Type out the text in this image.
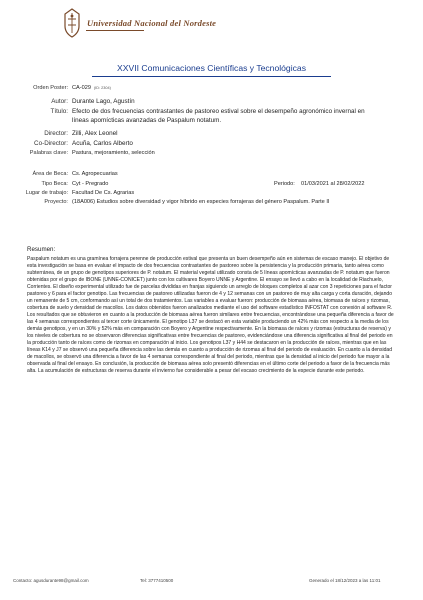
Universidad Nacional del Nordeste
XXVII Comunicaciones Científicas y Tecnológicas
Orden Poster: CA-029 (ID: 2304)
Autor: Durante Lago, Agustín
Título: Efecto de dos frecuencias contrastantes de pastoreo estival sobre el desempeño agronómico invernal en líneas apomícticas avanzadas de Paspalum notatum.
Director: Zilli, Alex Leonel
Co-Director: Acuña, Carlos Alberto
Palabras clave: Pastura, mejoramiento, selección
Área de Beca: Cs. Agropecuarias
Tipo Beca: Cyt - Pregrado	Periodo: 01/03/2021 al 28/02/2022
Lugar de trabajo: Facultad De Cs. Agrarias
Proyecto: (18A006) Estudios sobre diversidad y vigor híbrido en especies forrajeras del género Paspalum. Parte II
Resumen:
Paspalum notatum es una gramínea forrajera perenne de producción estival que presenta un buen desempeño aún en sistemas de escaso manejo. El objetivo de esta investigación se basa en evaluar el impacto de dos frecuencias contrastantes de pastoreo sobre la persistencia y la producción primaria, tanto aérea como subterránea, de un grupo de genotipos superiores de P. notatum. El material vegetal utilizado consta de 5 líneas apomícticas avanzadas de P. notatum que fueron obtenidas por el grupo de IBONE (UNNE-CONICET) junto con los cultivares Boyero UNNE y Argentine. El ensayo se llevó a cabo en la localidad de Riachuelo, Corrientes. El diseño experimental utilizado fue de parcelas divididas en franjas siguiendo un arreglo de bloques completos al azar con 3 repeticiones para el factor pastoreo y 6 para el factor genotipo. Las frecuencias de pastoreo utilizadas fueron de 4 y 12 semanas con un pastoreo de muy alta carga y corta duración, dejando un remanente de 5 cm, conformando así un total de dos tratamientos. Las variables a evaluar fueron: producción de biomasa aérea, biomasa de raíces y rizomas, cobertura de suelo y densidad de macollos. Los datos obtenidos fueron analizados mediante el uso del software estadístico INFOSTAT con conexión al software R. Los resultados que se obtuvieron en cuanto a la producción de biomasa aérea fueron similares entre frecuencias, encontrándose una pequeña diferencia a favor de las 4 semanas correspondientes al tercer corte únicamente. El genotipo L37 se destacó en esta variable produciendo un 42% más con respecto a la media de los demás genotipos, y en un 30% y 52% más en comparación con Boyero y Argentine respectivamente. En la biomasa de raíces y rizomas (estructuras de reserva) y los niveles de cobertura no se observaron diferencias significativas entre frecuencias de pastoreo, evidenciándose una diferencia significativa al final del periodo en la producción tanto de raíces como de rizomas en comparación al inicio. Los genotipos L37 y H44 se destacaron en la producción de raíces, mientras que en las líneas K14 y J7 se observó una pequeña diferencia sobre las demás en cuanto a producción de rizomas al final del periodo de evaluación. En cuanto a la densidad de macollos, se observó una diferencia a favor de las 4 semanas correspondiente al final del periodo, mientras que la densidad al inicio del periodo fue mayor a la observada al final del ensayo. En conclusión, la producción de biomasa aérea solo presentó diferencias en el último corte del periodo a favor de la frecuencia más alta. La acumulación de estructuras de reserva durante el invierno fue considerable a pesar del escaso crecimiento de la especie durante este periodo.
Contacto: agusdurante98@gmail.com	Tel: 3777410500	Generado el 18/12/2023 a las 11:01
